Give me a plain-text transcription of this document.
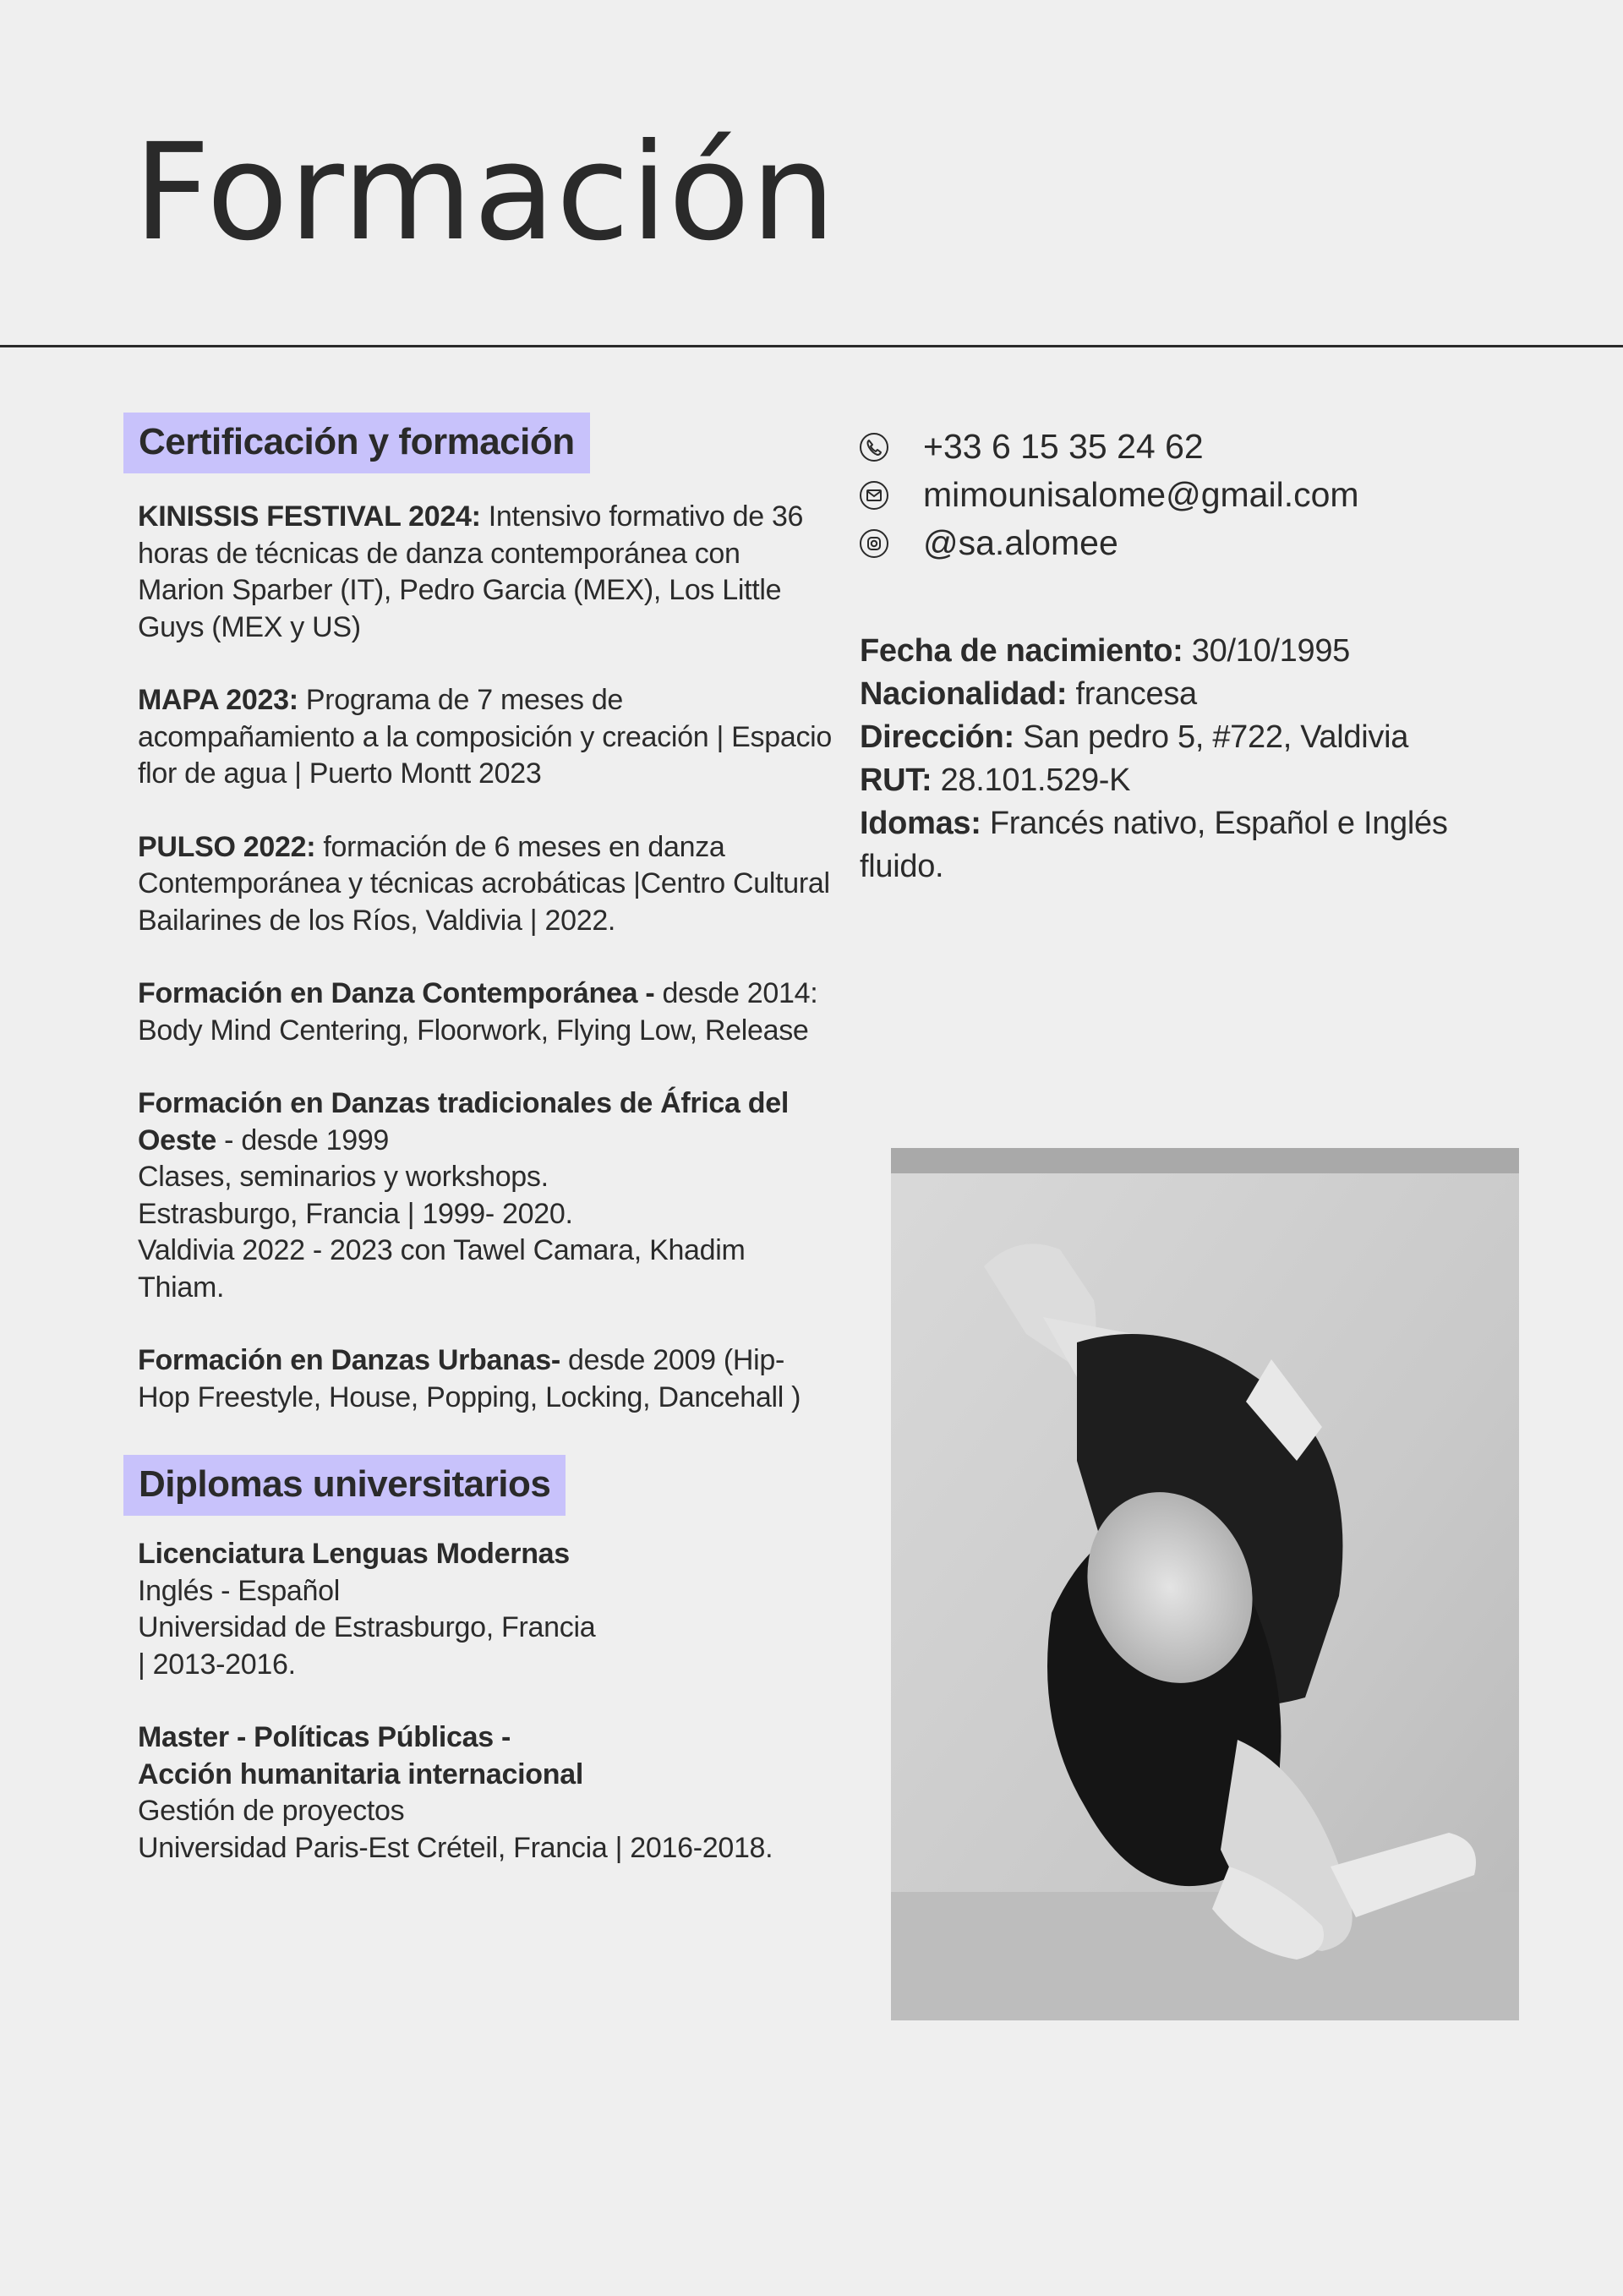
Formación
Certificación y formación

KINISSIS FESTIVAL 2024: Intensivo formativo de 36 horas de técnicas de danza contemporánea con Marion Sparber (IT), Pedro Garcia (MEX), Los Little Guys (MEX y US)

MAPA 2023: Programa de 7 meses de acompañamiento a la composición y creación | Espacio flor de agua | Puerto Montt 2023

PULSO 2022: formación de 6 meses en danza Contemporánea y técnicas acrobáticas |Centro Cultural Bailarines de los Ríos, Valdivia | 2022.

Formación en Danza Contemporánea - desde 2014: Body Mind Centering, Floorwork, Flying Low, Release

Formación en Danzas tradicionales de África del Oeste - desde 1999
Clases, seminarios y workshops.
Estrasburgo, Francia | 1999- 2020.
Valdivia 2022 - 2023 con Tawel Camara, Khadim Thiam.

Formación en Danzas Urbanas- desde 2009 (Hip-Hop Freestyle, House, Popping, Locking, Dancehall )

Diplomas universitarios

Licenciatura Lenguas Modernas
Inglés - Español
Universidad de Estrasburgo, Francia
| 2013-2016.

Master - Políticas Públicas -
Acción humanitaria internacional
Gestión de proyectos
Universidad Paris-Est Créteil, Francia | 2016-2018.

+33 6 15 35 24 62
mimounisalome@gmail.com
@sa.alomee
Fecha de nacimiento: 30/10/1995
Nacionalidad: francesa
Dirección: San pedro 5, #722, Valdivia
RUT: 28.101.529-K
Idomas: Francés nativo, Español e Inglés fluido.
